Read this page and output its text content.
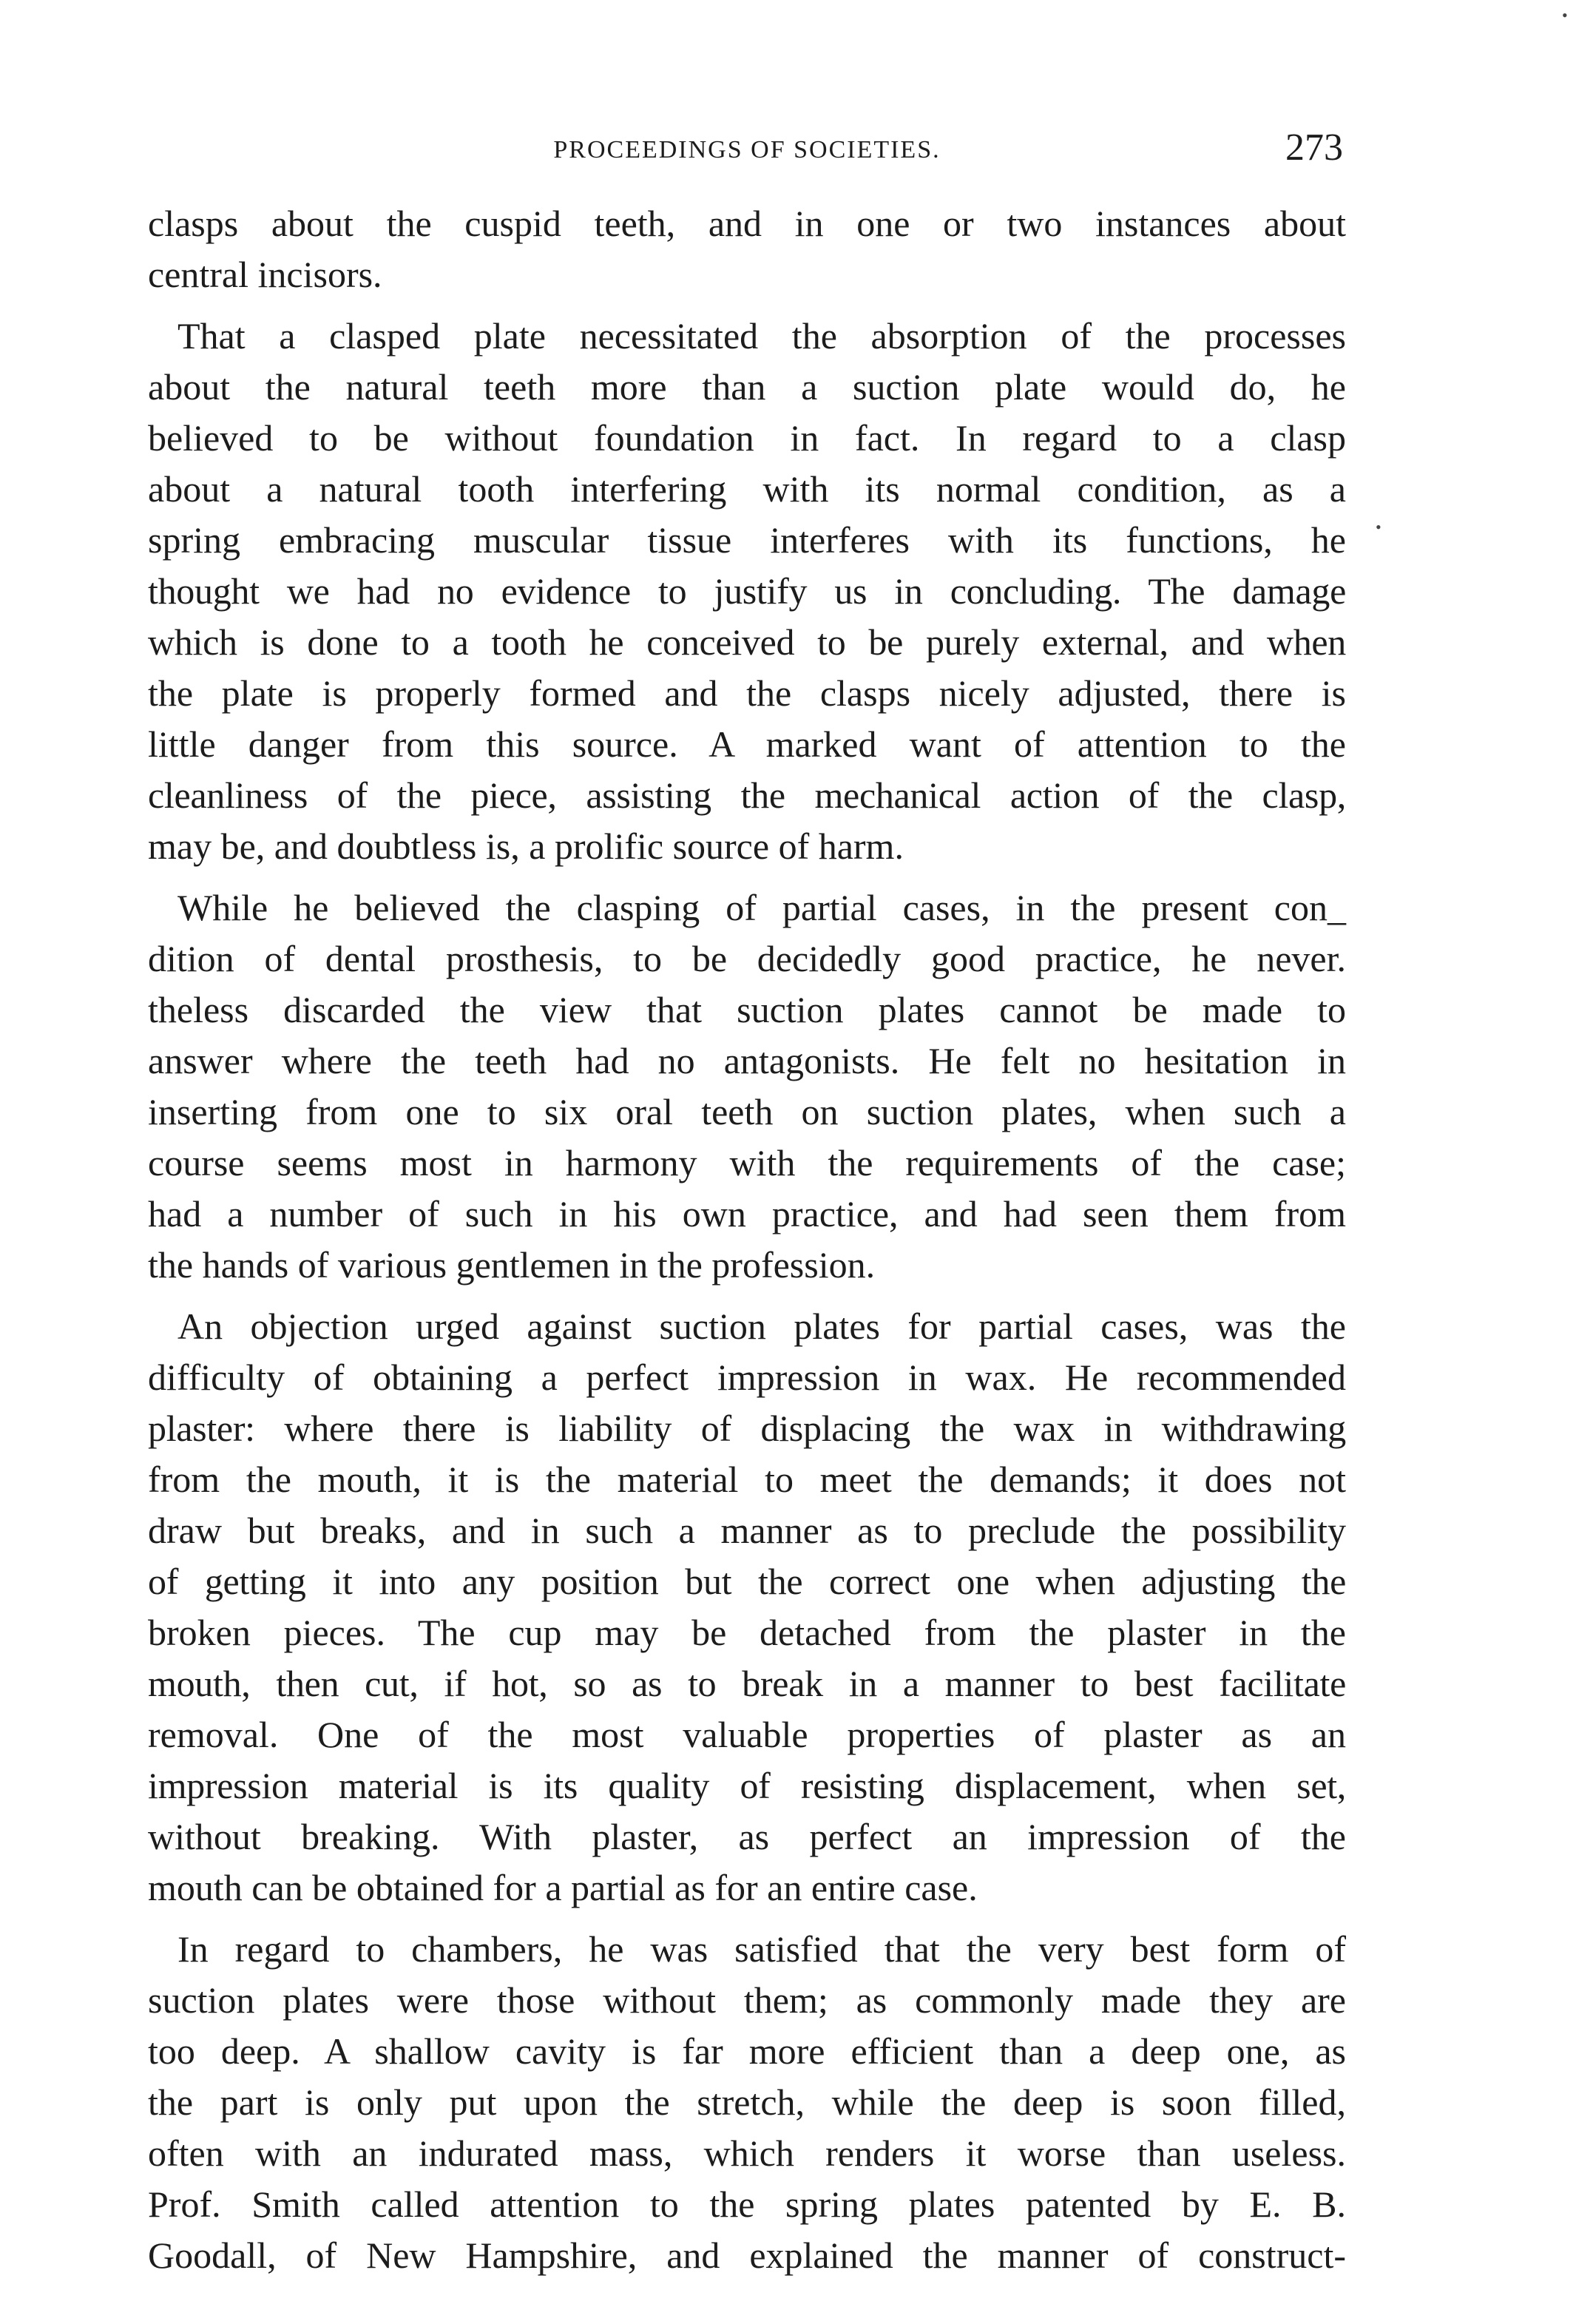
PROCEEDINGS OF SOCIETIES.	273
•
•
clasps about the cuspid teeth, and in one or two instances about
central incisors.
That a clasped plate necessitated the absorption of the processes
about the natural teeth more than a suction plate would do, he
believed to be without foundation in fact. In regard to a clasp
about a natural tooth interfering with its normal condition, as a
spring embracing muscular tissue interferes with its functions, he
thought we had no evidence to justify us in concluding. The damage
which is done to a tooth he conceived to be purely external, and when
the plate is properly formed and the clasps nicely adjusted, there is
little danger from this source. A marked want of attention to the
cleanliness of the piece, assisting the mechanical action of the clasp,
may be, and doubtless is, a prolific source of harm.
While he believed the clasping of partial cases, in the present con_
dition of dental prosthesis, to be decidedly good practice, he never.
theless discarded the view that suction plates cannot be made to
answer where the teeth had no antagonists. He felt no hesitation in
inserting from one to six oral teeth on suction plates, when such a
course seems most in harmony with the requirements of the case;
had a number of such in his own practice, and had seen them from
the hands of various gentlemen in the profession.
An objection urged against suction plates for partial cases, was the
difficulty of obtaining a perfect impression in wax. He recommended
plaster: where there is liability of displacing the wax in withdrawing
from the mouth, it is the material to meet the demands; it does not
draw but breaks, and in such a manner as to preclude the possibility
of getting it into any position but the correct one when adjusting the
broken pieces. The cup may be detached from the plaster in the
mouth, then cut, if hot, so as to break in a manner to best facilitate
removal. One of the most valuable properties of plaster as an
impression material is its quality of resisting displacement, when set,
without breaking. With plaster, as perfect an impression of the
mouth can be obtained for a partial as for an entire case.
In regard to chambers, he was satisfied that the very best form of
suction plates were those without them; as commonly made they are
too deep. A shallow cavity is far more efficient than a deep one, as
the part is only put upon the stretch, while the deep is soon filled,
often with an indurated mass, which renders it worse than useless.
Prof. Smith called attention to the spring plates patented by E. B.
Goodall, of New Hampshire, and explained the manner of construct-
